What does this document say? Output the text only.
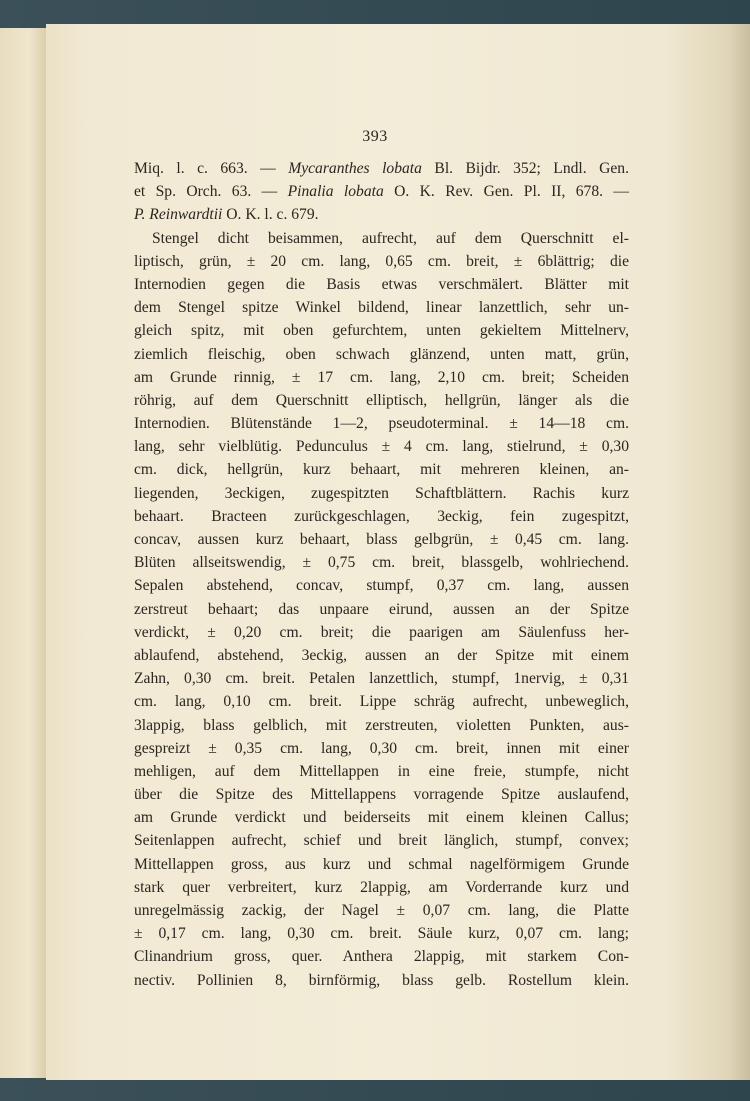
393
Miq. l. c. 663. — Mycaranthes lobata Bl. Bijdr. 352; Lndl. Gen.
et Sp. Orch. 63. — Pinalia lobata O. K. Rev. Gen. Pl. II, 678. —
P. Reinwardtii O. K. l. c. 679.
Stengel dicht beisammen, aufrecht, auf dem Querschnitt el-
liptisch, grün, ± 20 cm. lang, 0,65 cm. breit, ± 6blättrig; die
Internodien gegen die Basis etwas verschmälert. Blätter mit
dem Stengel spitze Winkel bildend, linear lanzettlich, sehr un-
gleich spitz, mit oben gefurchtem, unten gekieltem Mittelnerv,
ziemlich fleischig, oben schwach glänzend, unten matt, grün,
am Grunde rinnig, ± 17 cm. lang, 2,10 cm. breit; Scheiden
röhrig, auf dem Querschnitt elliptisch, hellgrün, länger als die
Internodien. Blütenstände 1—2, pseudoterminal. ± 14—18 cm.
lang, sehr vielblütig. Pedunculus ± 4 cm. lang, stielrund, ± 0,30
cm. dick, hellgrün, kurz behaart, mit mehreren kleinen, an-
liegenden, 3eckigen, zugespitzten Schaftblättern. Rachis kurz
behaart. Bracteen zurückgeschlagen, 3eckig, fein zugespitzt,
concav, aussen kurz behaart, blass gelbgrün, ± 0,45 cm. lang.
Blüten allseitswendig, ± 0,75 cm. breit, blassgelb, wohlriechend.
Sepalen abstehend, concav, stumpf, 0,37 cm. lang, aussen
zerstreut behaart; das unpaare eirund, aussen an der Spitze
verdickt, ± 0,20 cm. breit; die paarigen am Säulenfuss her-
ablaufend, abstehend, 3eckig, aussen an der Spitze mit einem
Zahn, 0,30 cm. breit. Petalen lanzettlich, stumpf, 1nervig, ± 0,31
cm. lang, 0,10 cm. breit. Lippe schräg aufrecht, unbeweglich,
3lappig, blass gelblich, mit zerstreuten, violetten Punkten, aus-
gespreizt ± 0,35 cm. lang, 0,30 cm. breit, innen mit einer
mehligen, auf dem Mittellappen in eine freie, stumpfe, nicht
über die Spitze des Mittellappens vorragende Spitze auslaufend,
am Grunde verdickt und beiderseits mit einem kleinen Callus;
Seitenlappen aufrecht, schief und breit länglich, stumpf, convex;
Mittellappen gross, aus kurz und schmal nagelförmigem Grunde
stark quer verbreitert, kurz 2lappig, am Vorderrande kurz und
unregelmässig zackig, der Nagel ± 0,07 cm. lang, die Platte
± 0,17 cm. lang, 0,30 cm. breit. Säule kurz, 0,07 cm. lang;
Clinandrium gross, quer. Anthera 2lappig, mit starkem Con-
nectiv. Pollinien 8, birnförmig, blass gelb. Rostellum klein.
